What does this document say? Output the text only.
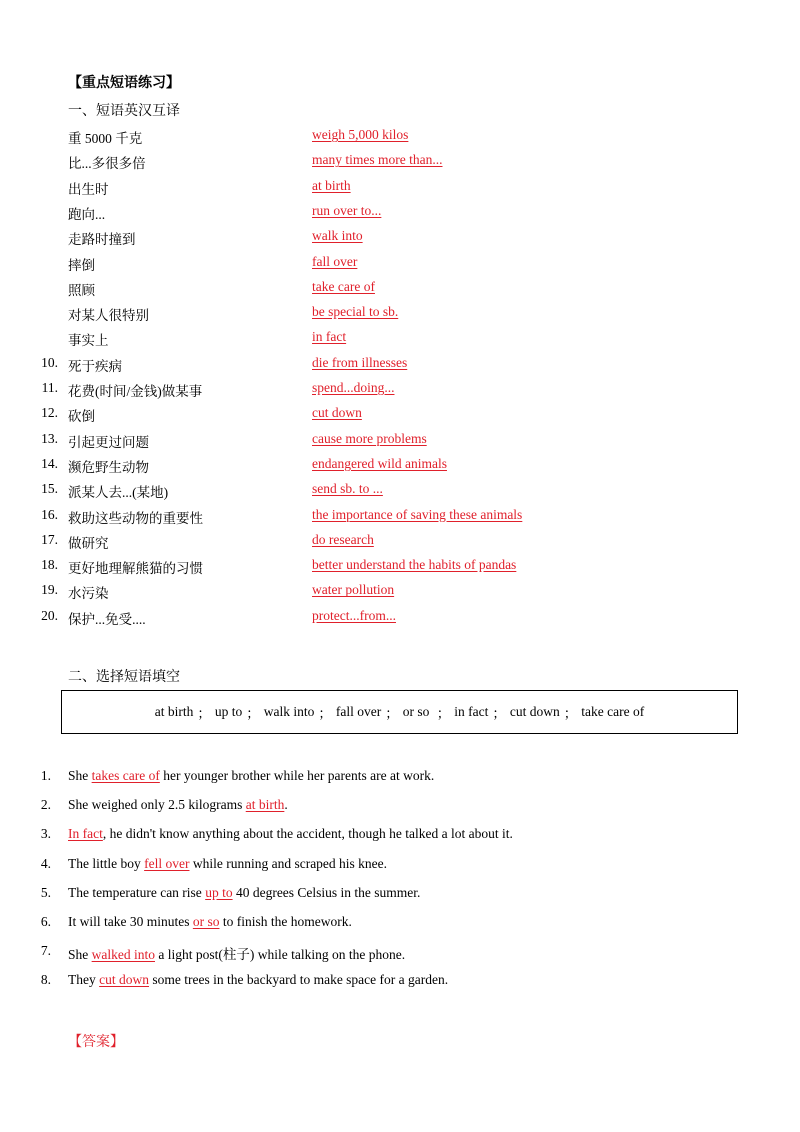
【重点短语练习】
一、短语英汉互译
重 5000 千克	weigh 5,000 kilos
比...多很多倍	many times more than...
出生时	at birth
跑向...	run over to...
走路时撞到	walk into
摔倒	fall over
照顾	take care of
对某人很特别	be special to sb.
事实上	in fact
10. 死于疾病	die from illnesses
11. 花费(时间/金钱)做某事	spend...doing...
12. 砍倒	cut down
13. 引起更过问题	cause more problems
14. 濒危野生动物	endangered wild animals
15. 派某人去...(某地)	send sb. to ...
16. 救助这些动物的重要性	the importance of saving these animals
17. 做研究	do research
18. 更好地理解熊猫的习惯	better understand the habits of pandas
19. 水污染	water pollution
20. 保护...免受....	protect...from...
二、选择短语填空
at birth ； up to ； walk into ； fall over ； or so ； in fact ； cut down ； take care of
1. She takes care of her younger brother while her parents are at work.
2. She weighed only 2.5 kilograms at birth.
3. In fact, he didn't know anything about the accident, though he talked a lot about it.
4. The little boy fell over while running and scraped his knee.
5. The temperature can rise up to 40 degrees Celsius in the summer.
6. It will take 30 minutes or so to finish the homework.
7. She walked into a light post(柱子) while talking on the phone.
8. They cut down some trees in the backyard to make space for a garden.
【答案】
